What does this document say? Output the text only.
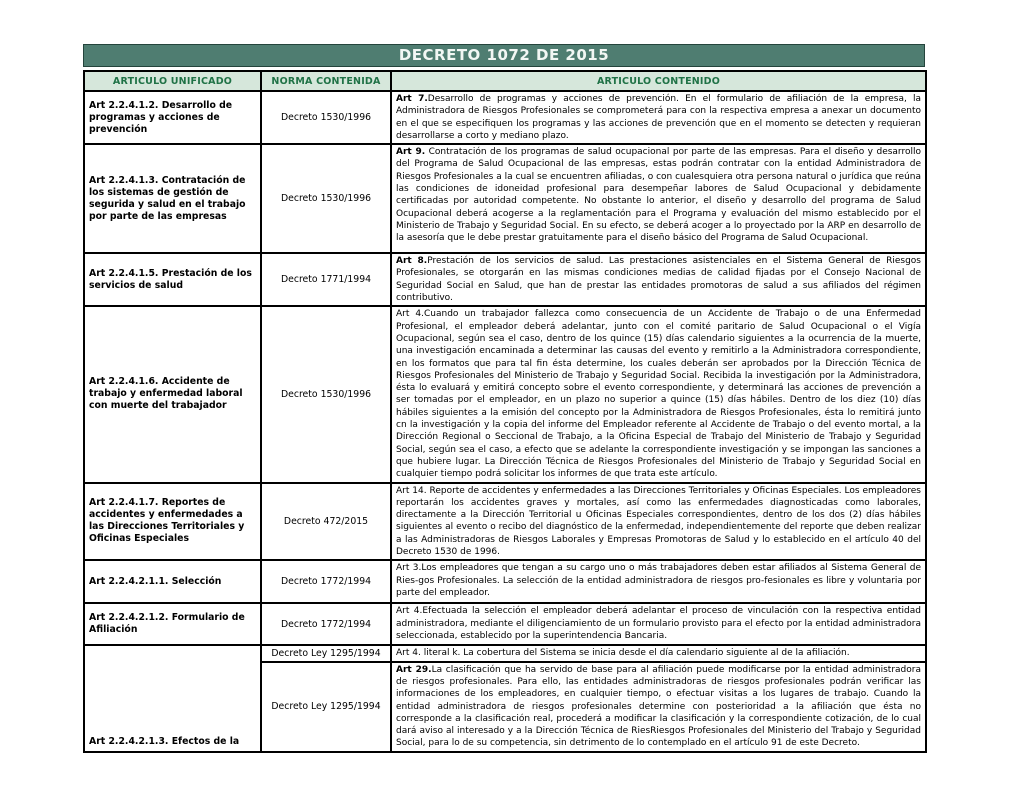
DECRETO 1072 DE 2015
ARTICULO UNIFICADO	NORMA CONTENIDA	ARTICULO CONTENIDO
Art 2.2.4.1.2. Desarrollo de programas y acciones de prevención	Decreto 1530/1996	Art 7.Desarrollo de programas y acciones de prevención. En el formulario de afiliación de la empresa, la Administradora de Riesgos Profesionales se comprometerá para con la respectiva empresa a anexar un documento en el que se especifiquen los programas y las acciones de prevención que en el momento se detecten y requieran desarrollarse a corto y mediano plazo.
Art 2.2.4.1.3. Contratación de los sistemas de gestión de segurida y salud en el trabajo por parte de las empresas	Decreto 1530/1996	Art 9. Contratación de los programas de salud ocupacional por parte de las empresas. Para el diseño y desarrollo del Programa de Salud Ocupacional de las empresas, estas podrán contratar con la entidad Administradora de Riesgos Profesionales a la cual se encuentren afiliadas, o con cualesquiera otra persona natural o jurídica que reúna las condiciones de idoneidad profesional para desempeñar labores de Salud Ocupacional y debidamente certificadas por autoridad competente. No obstante lo anterior, el diseño y desarrollo del programa de Salud Ocupacional deberá acogerse a la reglamentación para el Programa y evaluación del mismo establecido por el Ministerio de Trabajo y Seguridad Social. En su efecto, se deberá acoger a lo proyectado por la ARP en desarrollo de la asesoría que le debe prestar gratuitamente para el diseño básico del Programa de Salud Ocupacional.
Art 2.2.4.1.5. Prestación de los servicios de salud	Decreto 1771/1994	Art 8.Prestación de los servicios de salud. Las prestaciones asistenciales en el Sistema General de Riesgos Profesionales, se otorgarán en las mismas condiciones medias de calidad fijadas por el Consejo Nacional de Seguridad Social en Salud, que han de prestar las entidades promotoras de salud a sus afiliados del régimen contributivo.
Art 2.2.4.1.6. Accidente de trabajo y enfermedad laboral con muerte del trabajador	Decreto 1530/1996	Art 4.Cuando un trabajador fallezca como consecuencia de un Accidente de Trabajo o de una Enfermedad Profesional, el empleador deberá adelantar, junto con el comité paritario de Salud Ocupacional o el Vigía Ocupacional, según sea el caso, dentro de los quince (15) días calendario siguientes a la ocurrencia de la muerte, una investigación encaminada a determinar las causas del evento y remitirlo a la Administradora correspondiente, en los formatos que para tal fin ésta determine, los cuales deberán ser aprobados por la Dirección Técnica de Riesgos Profesionales del Ministerio de Trabajo y Seguridad Social. Recibida la investigación por la Administradora, ésta lo evaluará y emitirá concepto sobre el evento correspondiente, y determinará las acciones de prevención a ser tomadas por el empleador, en un plazo no superior a quince (15) días hábiles. Dentro de los diez (10) días hábiles siguientes a la emisión del concepto por la Administradora de Riesgos Profesionales, ésta lo remitirá junto cn la investigación y la copia del informe del Empleador referente al Accidente de Trabajo o del evento mortal, a la Dirección Regional o Seccional de Trabajo, a la Oficina Especial de Trabajo del Ministerio de Trabajo y Seguridad Social, según sea el caso, a efecto que se adelante la correspondiente investigación y se impongan las sanciones a que hubiere lugar. La Dirección Técnica de Riesgos Profesionales del Ministerio de Trabajo y Seguridad Social en cualquier tiempo podrá solicitar los informes de que trata este artículo.
Art 2.2.4.1.7. Reportes de accidentes y enfermedades a las Direcciones Territoriales y Oficinas Especiales	Decreto 472/2015	Art 14. Reporte de accidentes y enfermedades a las Direcciones Territoriales y Oficinas Especiales. Los empleadores reportarán los accidentes graves y mortales, así como las enfermedades diagnosticadas como laborales, directamente a la Dirección Territorial u Oficinas Especiales correspondientes, dentro de los dos (2) días hábiles siguientes al evento o recibo del diagnóstico de la enfermedad, independientemente del reporte que deben realizar a las Administradoras de Riesgos Laborales y Empresas Promotoras de Salud y lo establecido en el artículo 40 del Decreto 1530 de 1996.
Art 2.2.4.2.1.1. Selección	Decreto 1772/1994	Art 3.Los empleadores que tengan a su cargo uno o más trabajadores deben estar afiliados al Sistema General de Ries-gos Profesionales. La selección de la entidad administradora de riesgos pro-fesionales es libre y voluntaria por parte del empleador.
Art 2.2.4.2.1.2. Formulario de Afiliación	Decreto 1772/1994	Art 4.Efectuada la selección el empleador deberá adelantar el proceso de vinculación con la respectiva entidad administradora, mediante el diligenciamiento de un formulario provisto para el efecto por la entidad administradora seleccionada, establecido por la superintendencia Bancaria.
Art 2.2.4.2.1.3. Efectos de la	Decreto Ley 1295/1994	Art 4. literal k. La cobertura del Sistema se inicia desde el día calendario siguiente al de la afiliación.
	Decreto Ley 1295/1994	Art 29.La clasificación que ha servido de base para al afiliación puede modificarse por la entidad administradora de riesgos profesionales. Para ello, las entidades administradoras de riesgos profesionales podrán verificar las informaciones de los empleadores, en cualquier tiempo, o efectuar visitas a los lugares de trabajo. Cuando la entidad administradora de riesgos profesionales determine con posterioridad a la afiliación que ésta no corresponde a la clasificación real, procederá a modificar la clasificación y la correspondiente cotización, de lo cual dará aviso al interesado y a la Dirección Técnica de RiesRiesgos Profesionales del Ministerio del Trabajo y Seguridad Social, para lo de su competencia, sin detrimento de lo contemplado en el artículo 91 de este Decreto.
